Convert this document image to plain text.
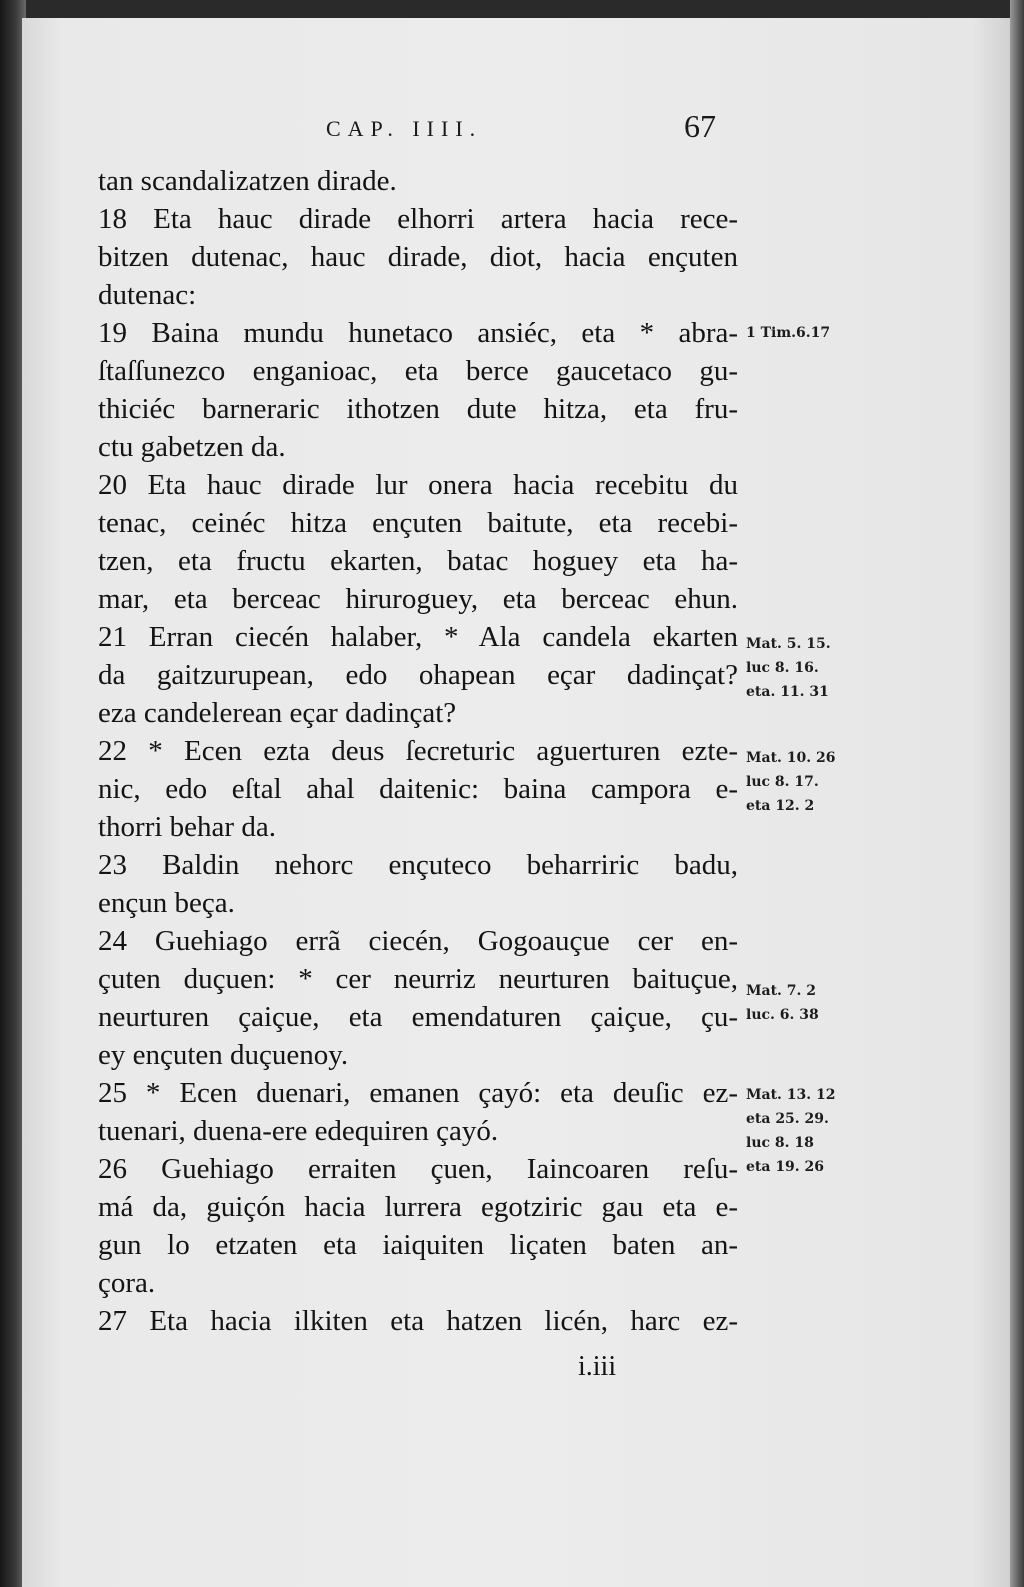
CAP. IIII.	67
tan scandalizatzen dirade.
18 Eta hauc dirade elhorri artera hacia rece-
bitzen dutenac, hauc dirade, diot, hacia ençuten
dutenac:
19 Baina mundu hunetaco ansiéc, eta * abra-
ſtaſſunezco enganioac, eta berce gaucetaco gu-
thiciéc barneraric ithotzen dute hitza, eta fru-
ctu gabetzen da.
20 Eta hauc dirade lur onera hacia recebitu du
tenac, ceinéc hitza ençuten baitute, eta recebi-
tzen, eta fructu ekarten, batac hoguey eta ha-
mar, eta berceac hiruroguey, eta berceac ehun.
21 Erran ciecén halaber, * Ala candela ekarten
da gaitzurupean, edo ohapean eçar dadinçat?
eza candelerean eçar dadinçat?
22 * Ecen ezta deus ſecreturic aguerturen ezte-
nic, edo eſtal ahal daitenic: baina campora e-
thorri behar da.
23 Baldin nehorc ençuteco beharriric badu,
ençun beça.
24 Guehiago errã ciecén, Gogoauçue cer en-
çuten duçuen: * cer neurriz neurturen baituçue,
neurturen çaiçue, eta emendaturen çaiçue, çu-
ey ençuten duçuenoy.
25 * Ecen duenari, emanen çayó: eta deuſic ez-
tuenari, duena-ere edequiren çayó.
26 Guehiago erraiten çuen, Iaincoaren reſu-
má da, guiçón hacia lurrera egotziric gau eta e-
gun lo etzaten eta iaiquiten liçaten baten an-
çora.
27 Eta hacia ilkiten eta hatzen licén, harc ez-
1 Tim.6.17
Mat. 5. 15.
luc 8. 16.
eta. 11. 31
Mat. 10. 26
luc 8. 17.
eta 12. 2
Mat. 7. 2
luc. 6. 38
Mat. 13. 12
eta 25. 29.
luc 8. 18
eta 19. 26
i.iii
